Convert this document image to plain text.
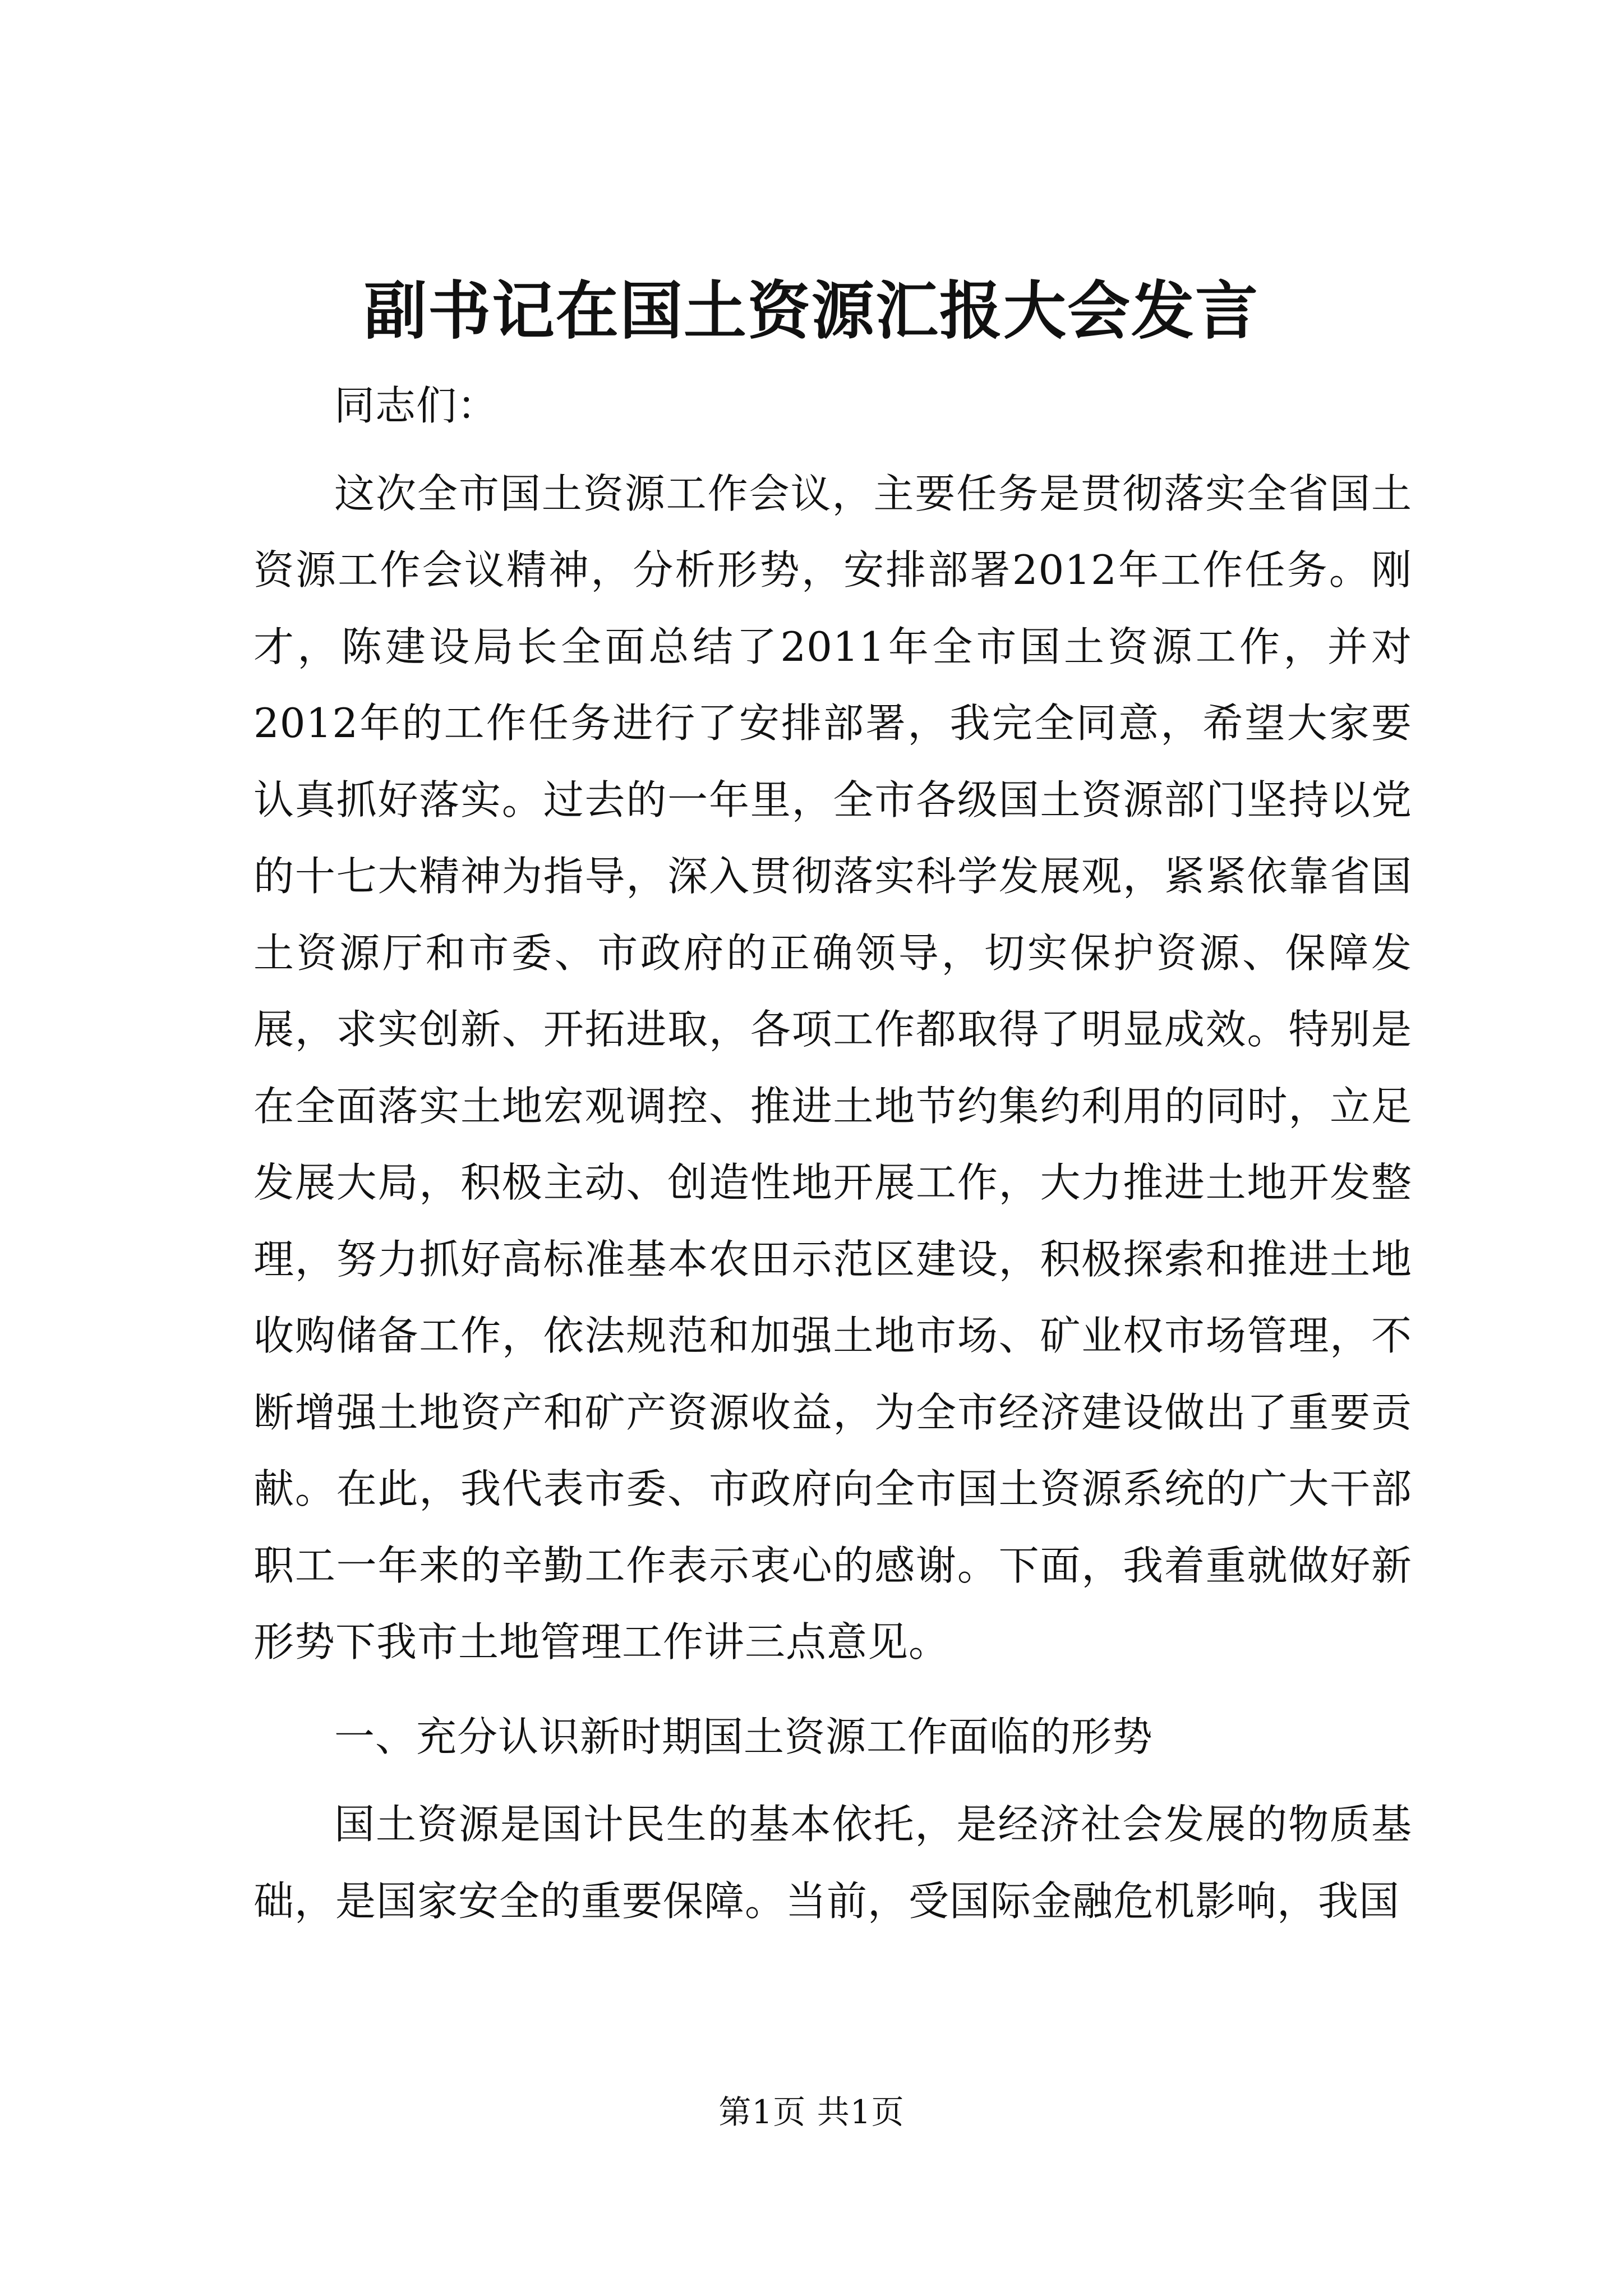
副书记在国土资源汇报大会发言

同志们：

这次全市国土资源工作会议，主要任务是贯彻落实全省国土资源工作会议精神，分析形势，安排部署2012年工作任务。刚才，陈建设局长全面总结了2011年全市国土资源工作，并对2012年的工作任务进行了安排部署，我完全同意，希望大家要认真抓好落实。过去的一年里，全市各级国土资源部门坚持以党的十七大精神为指导，深入贯彻落实科学发展观，紧紧依靠省国土资源厅和市委、市政府的正确领导，切实保护资源、保障发展，求实创新、开拓进取，各项工作都取得了明显成效。特别是在全面落实土地宏观调控、推进土地节约集约利用的同时，立足发展大局，积极主动、创造性地开展工作，大力推进土地开发整理，努力抓好高标准基本农田示范区建设，积极探索和推进土地收购储备工作，依法规范和加强土地市场、矿业权市场管理，不断增强土地资产和矿产资源收益，为全市经济建设做出了重要贡献。在此，我代表市委、市政府向全市国土资源系统的广大干部职工一年来的辛勤工作表示衷心的感谢。下面，我着重就做好新形势下我市土地管理工作讲三点意见。

一、充分认识新时期国土资源工作面临的形势

国土资源是国计民生的基本依托，是经济社会发展的物质基础，是国家安全的重要保障。当前，受国际金融危机影响，我国

第1页 共1页
